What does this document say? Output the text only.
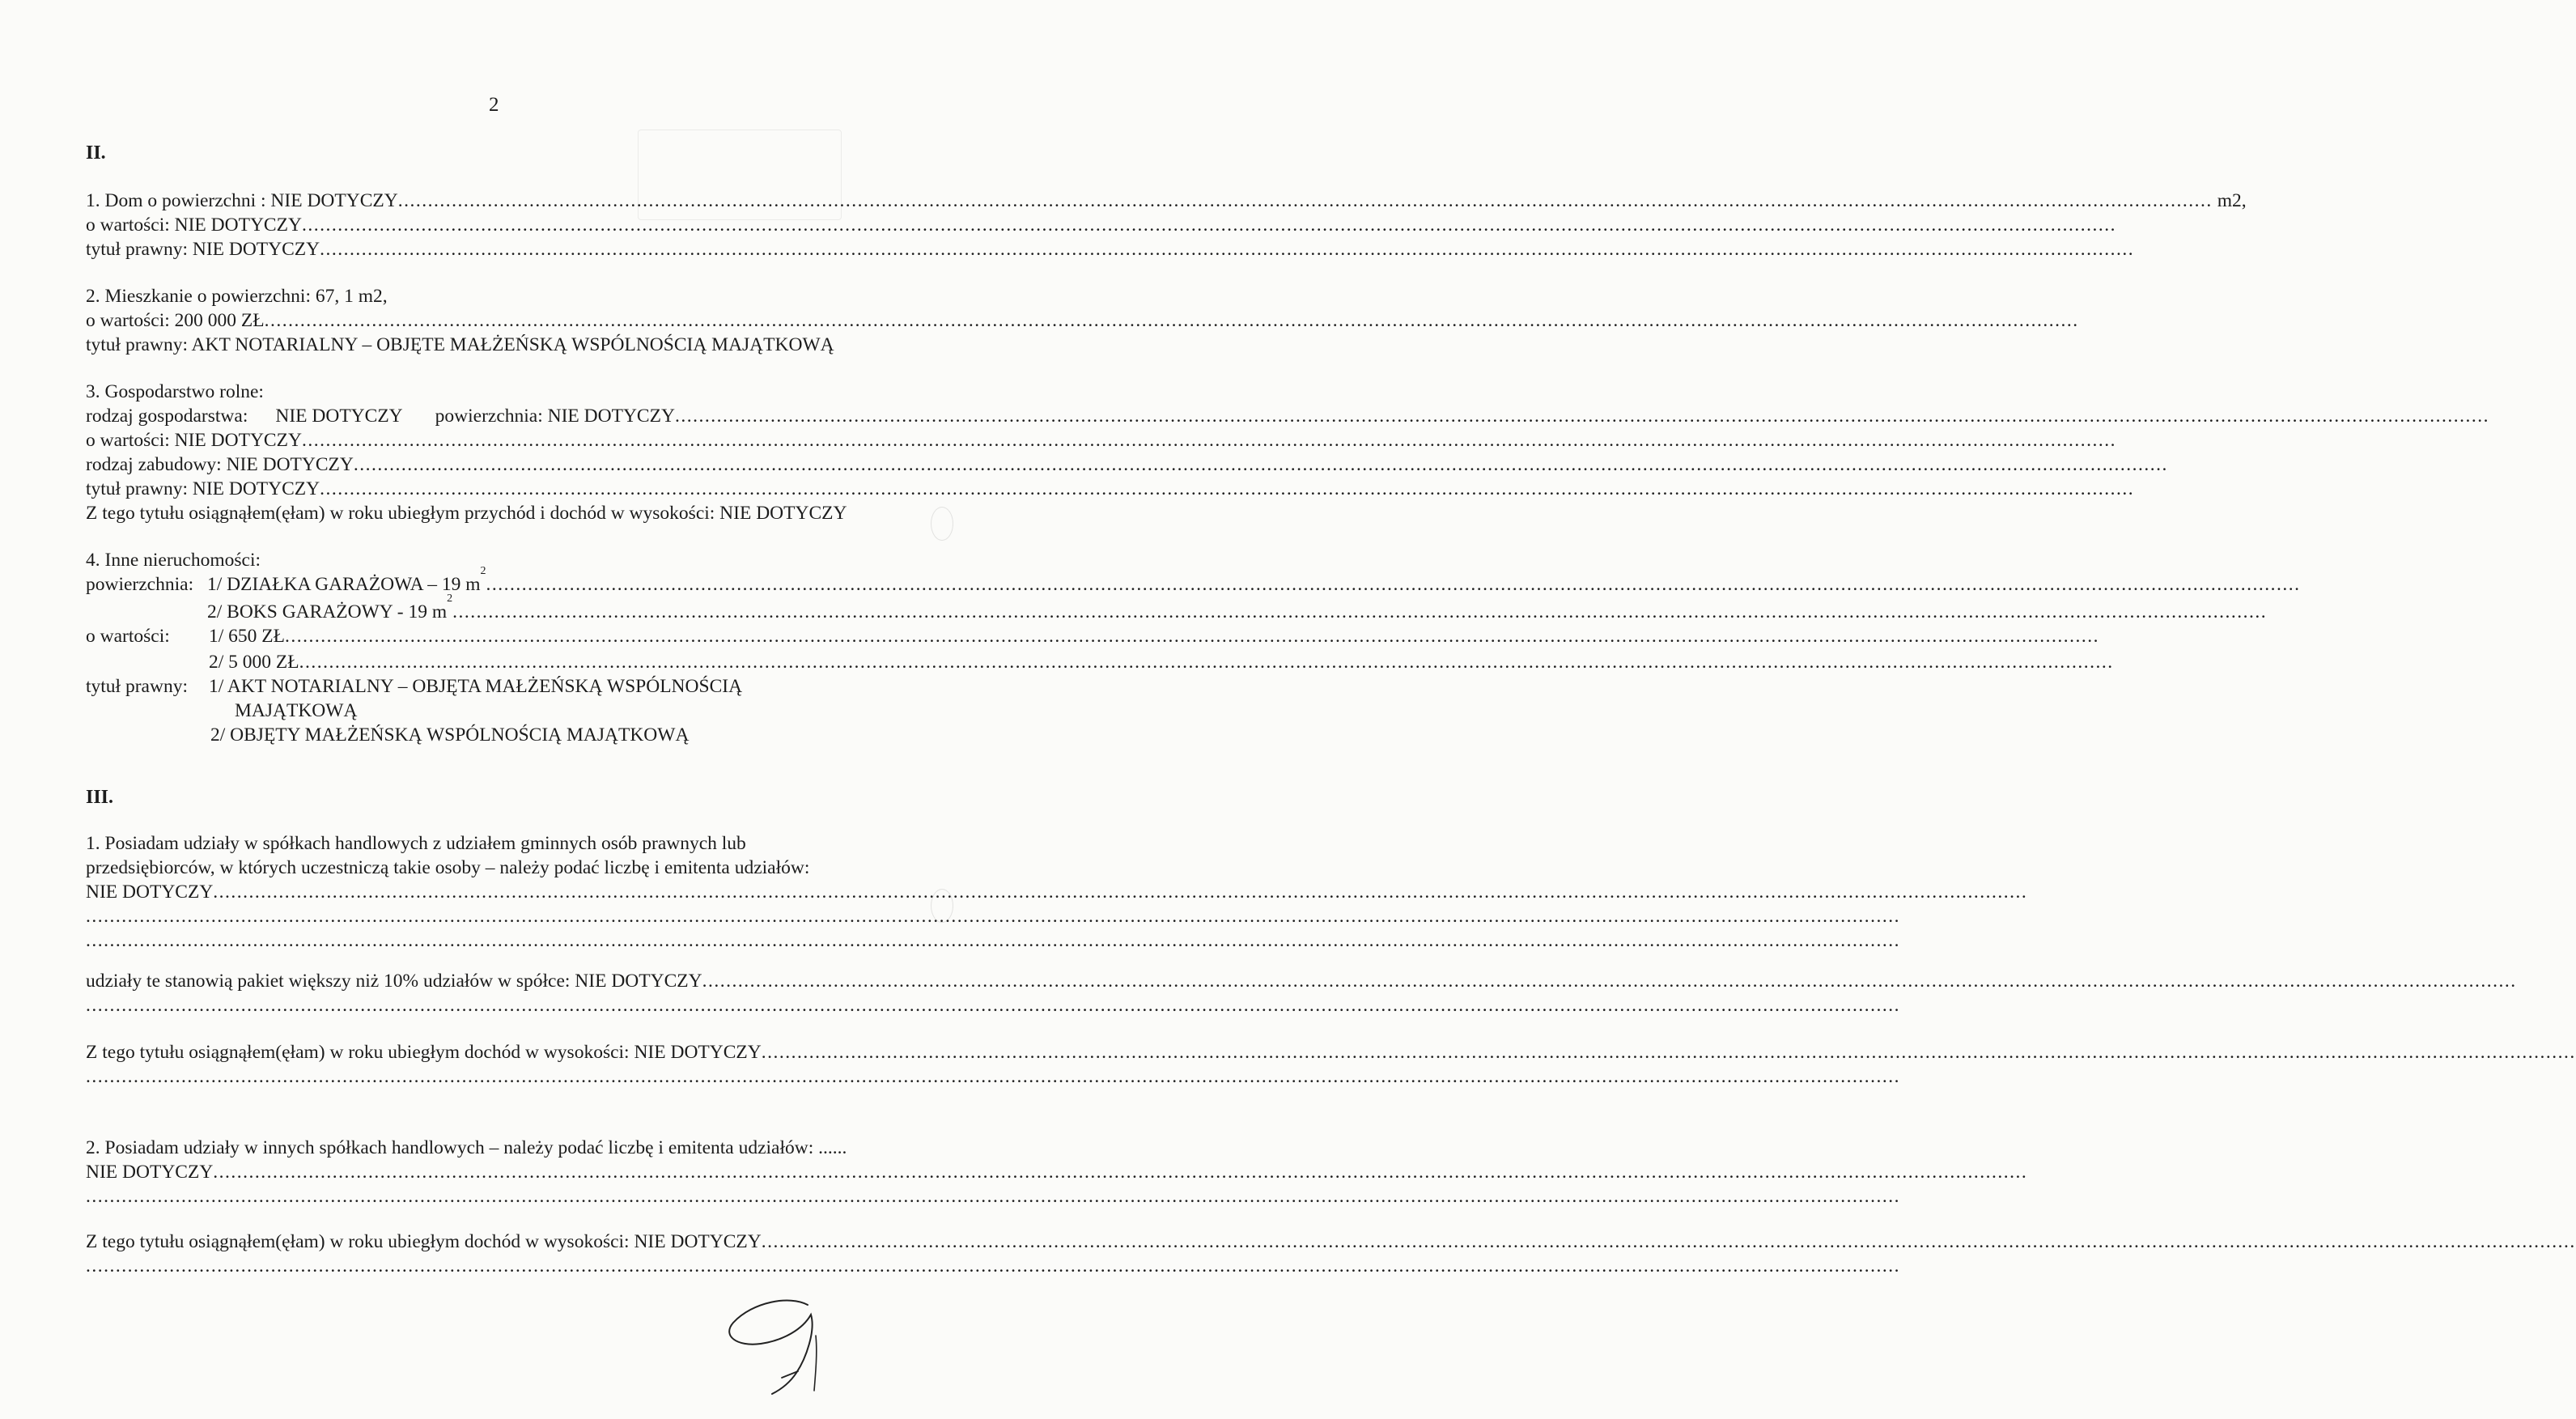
2
II.
1. Dom o powierzchni : NIE DOTYCZY
.....	m2,
o wartości: NIE DOTYCZY
.....
tytuł prawny: NIE DOTYCZY
.....
2. Mieszkanie o powierzchni: 67, 1 m2,
o wartości: 200 000 ZŁ
.....
tytuł prawny: AKT NOTARIALNY – OBJĘTE MAŁŻEŃSKĄ WSPÓLNOŚCIĄ MAJĄTKOWĄ
3. Gospodarstwo rolne:
rodzaj gospodarstwa: NIE DOTYCZY powierzchnia: NIE DOTYCZY
.....
o wartości: NIE DOTYCZY
.....
rodzaj zabudowy: NIE DOTYCZY
.....
tytuł prawny: NIE DOTYCZY
.....
Z tego tytułu osiągnąłem(ęłam) w roku ubiegłym przychód i dochód w wysokości: NIE DOTYCZY
4. Inne nieruchomości:
powierzchnia: 1/ DZIAŁKA GARAŻOWA – 19 m
2
.....
2/ BOKS GARAŻOWY - 19 m
2
.....
o wartości:	1/ 650 ZŁ
.....
2/ 5 000 ZŁ
.....
tytuł prawny:	1/ AKT NOTARIALNY – OBJĘTA MAŁŻEŃSKĄ WSPÓLNOŚCIĄ
MAJĄTKOWĄ
2/ OBJĘTY MAŁŻEŃSKĄ WSPÓLNOŚCIĄ MAJĄTKOWĄ
III.
1. Posiadam udziały w spółkach handlowych z udziałem gminnych osób prawnych lub
przedsiębiorców, w których uczestniczą takie osoby – należy podać liczbę i emitenta udziałów:
NIE DOTYCZY
.....
.....
.....
udziały te stanowią pakiet większy niż 10% udziałów w spółce: NIE DOTYCZY
.....
.....
Z tego tytułu osiągnąłem(ęłam) w roku ubiegłym dochód w wysokości: NIE DOTYCZY
.....
.....
2. Posiadam udziały w innych spółkach handlowych – należy podać liczbę i emitenta udziałów: ......
NIE DOTYCZY
.....
.....
Z tego tytułu osiągnąłem(ęłam) w roku ubiegłym dochód w wysokości: NIE DOTYCZY
.....
.....
